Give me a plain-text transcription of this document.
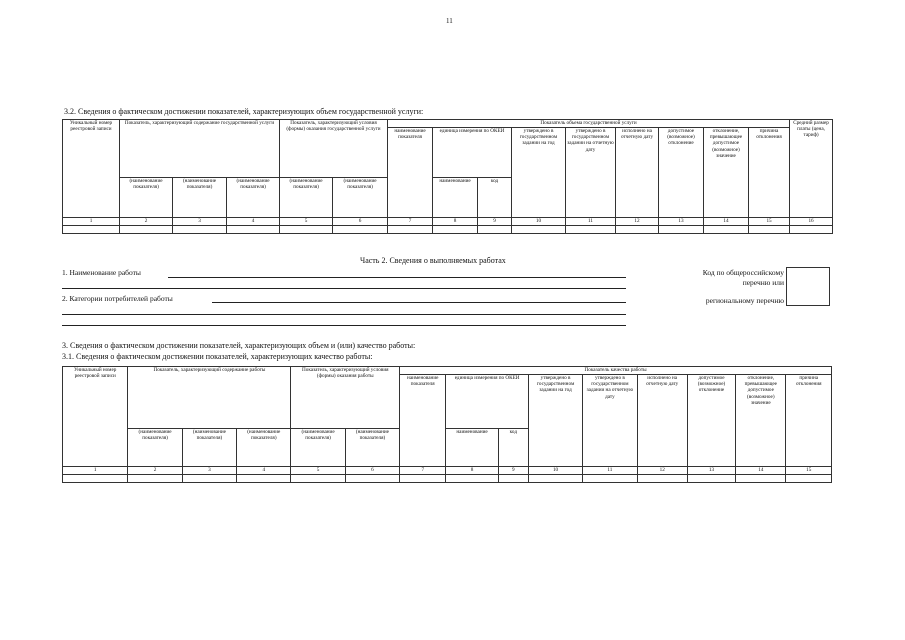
11
3.2. Сведения о фактическом достижении показателей, характеризующих объем государственной услуги:
Уникальный номер реестровой записи	Показатель, характеризующий содержание государственной услуги			Показатель, характеризующий условия (формы) оказания государственной услуги		Показатель объема государственной услуги									Средний размер платы (цена, тариф)
						наименование показателя	единица измерения по ОКЕИ		утверждено в государственном задании на год	утверждено в государственном задании на отчетную дату	исполнено на отчетную дату	допустимое (возможное) отклонение	отклонение, превышающее допустимое (возможное) значение	причина отклонения	
	(наименование показателя)	(наименование показателя)	(наименование показателя)	(наименование показателя)	(наименование показателя)		наименование	код							

1	2	3	4	5	6	7	8	9	10	11	12	13	14	15	16

Часть 2. Сведения о выполняемых работах
1. Наименование работы
2. Категории потребителей работы
Код по общероссийскому
перечню или
региональному перечню
3. Сведения о фактическом достижении показателей, характеризующих объем и (или) качество работы:
3.1. Сведения о фактическом достижении показателей, характеризующих качество работы:
Уникальный номер реестровой записи	Показатель, характеризующий содержание работы			Показатель, характеризующий условия (формы) оказания работы		Показатель качества работы								
						наименование показателя	единица измерения по ОКЕИ		утверждено в государственном задании на год	утверждено в государственном задании на отчетную дату	исполнено на отчетную дату	допустимое (возможное) отклонение	отклонение, превышающее допустимое (возможное) значение	причина отклонения
	(наименование показателя)	(наименование показателя)	(наименование показателя)	(наименование показателя)	(наименование показателя)		наименование	код						

1	2	3	4	5	6	7	8	9	10	11	12	13	14	15
